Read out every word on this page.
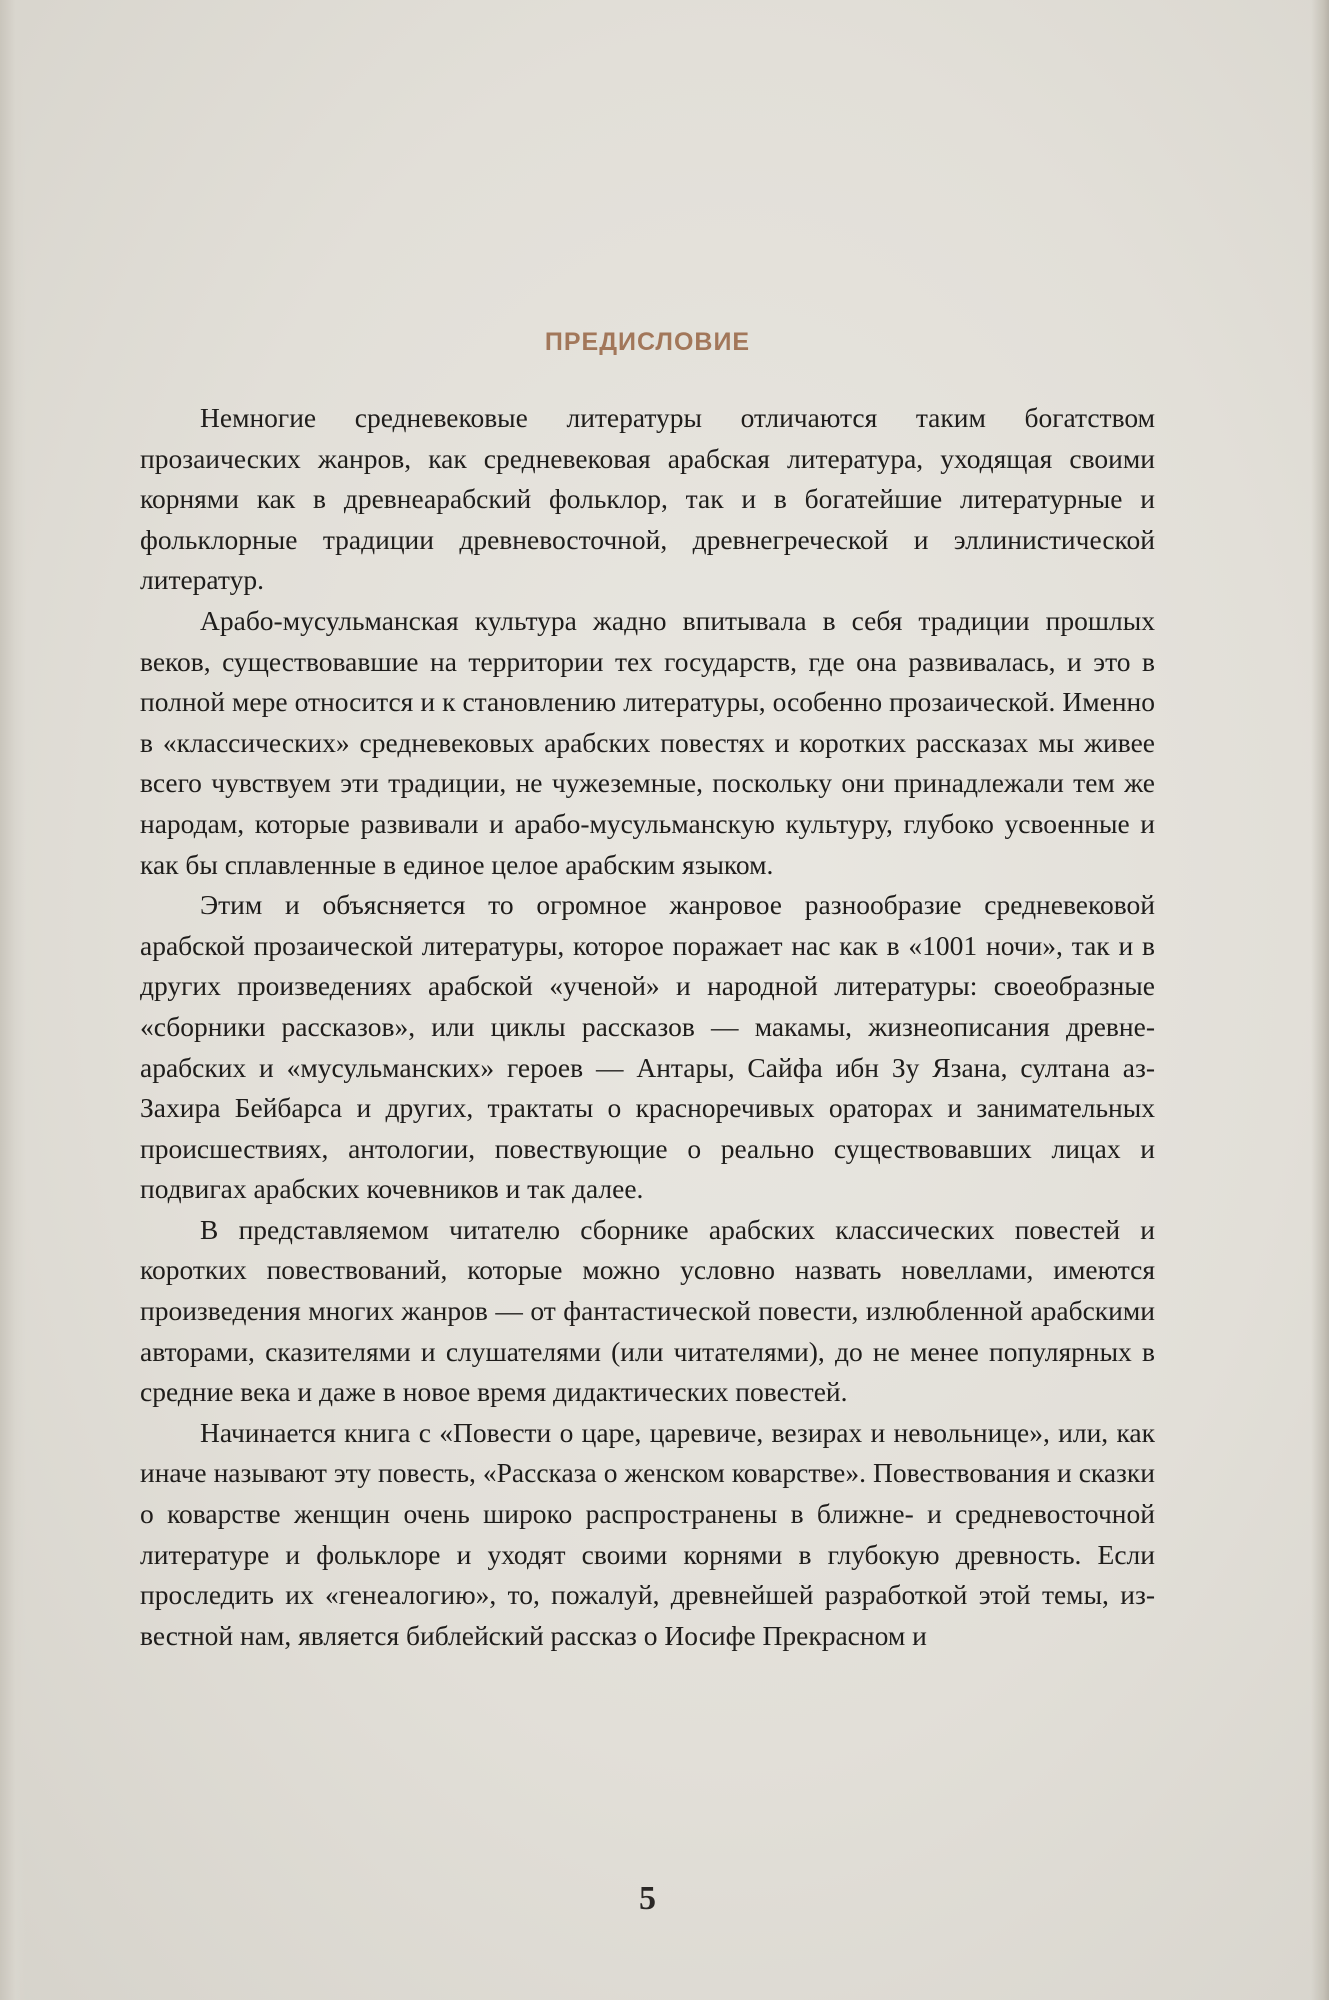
ПРЕДИСЛОВИЕ

Немногие средневековые литературы отличаются таким богатством прозаических жанров, как средневековая арабская литература, уходящая своими корнями как в древнеарабский фольклор, так и в богатейшие литературные и фольклорные традиции древневосточной, древнегреческой и эллинистической литератур.

Арабо-мусульманская культура жадно впитывала в себя традиции прошлых веков, существовавшие на территории тех государств, где она развивалась, и это в полной мере относится и к становлению литературы, особенно прозаической. Именно в «классических» средневековых арабских повестях и коротких рассказах мы живее всего чувствуем эти традиции, не чужеземные, поскольку они принадлежали тем же народам, которые развивали и арабо-мусульманскую культуру, глубоко усвоенные и как бы сплавленные в единое целое арабским языком.

Этим и объясняется то огромное жанровое разнообразие средневековой арабской прозаической литературы, которое поражает нас как в «1001 ночи», так и в других произведениях арабской «ученой» и народной литературы: своеобразные «сборники рассказов», или циклы рассказов — макамы, жизнеописания древнеарабских и «мусульманских» героев — Антары, Сайфа ибн Зу Язана, султана аз-Захира Бейбарса и других, трактаты о красноречивых ораторах и занимательных происшествиях, антологии, повествующие о реально существовавших лицах и подвигах арабских кочевников и так далее.

В представляемом читателю сборнике арабских классических повестей и коротких повествований, которые можно условно назвать новеллами, имеются произведения многих жанров — от фантастической повести, излюбленной арабскими авторами, сказителями и слушателями (или читателями), до не менее популярных в средние века и даже в новое время дидактических повестей.

Начинается книга с «Повести о царе, царевиче, везирах и невольнице», или, как иначе называют эту повесть, «Рассказа о женском коварстве». Повествования и сказки о коварстве женщин очень широко распространены в ближне- и средневосточной литературе и фольклоре и уходят своими корнями в глубокую древность. Если проследить их «генеалогию», то, пожалуй, древнейшей разработкой этой темы, известной нам, является библейский рассказ о Иосифе Прекрасном и

5
